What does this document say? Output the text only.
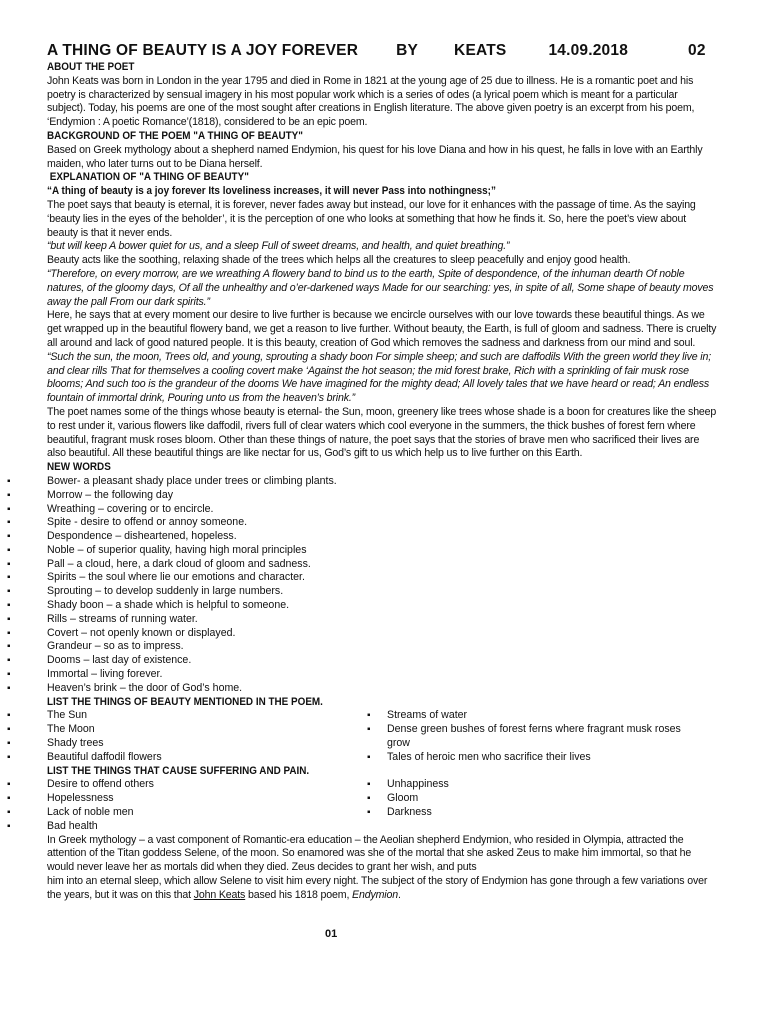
A THING OF BEAUTY IS A JOY FOREVER BY KEATS	14.09.2018	02
ABOUT THE POET
John Keats was born in London in the year 1795 and died in Rome in 1821 at the young age of 25 due to illness. He is a romantic poet and his poetry is characterized by sensual imagery in his most popular work which is a series of odes (a lyrical poem which is meant for a particular subject). Today, his poems are one of the most sought after creations in English literature. The above given poetry is an excerpt from his poem, ‘Endymion : A poetic Romance’(1818), considered to be an epic poem.
BACKGROUND OF THE POEM "A THING OF BEAUTY"
Based on Greek mythology about a shepherd named Endymion, his quest for his love Diana and how in his quest, he falls in love with an Earthly maiden, who later turns out to be Diana herself.
EXPLANATION OF "A THING OF BEAUTY"
“A thing of beauty is a joy forever Its loveliness increases, it will never Pass into nothingness;”
The poet says that beauty is eternal, it is forever, never fades away but instead, our love for it enhances with the passage of time. As the saying ‘beauty lies in the eyes of the beholder’, it is the perception of one who looks at something that how he finds it. So, here the poet’s view about beauty is that it never ends.
“but will keep A bower quiet for us, and a sleep Full of sweet dreams, and health, and quiet breathing.”
Beauty acts like the soothing, relaxing shade of the trees which helps all the creatures to sleep peacefully and enjoy good health.
“Therefore, on every morrow, are we wreathing A flowery band to bind us to the earth, Spite of despondence, of the inhuman dearth Of noble natures, of the gloomy days, Of all the unhealthy and o’er-darkened ways Made for our searching: yes, in spite of all, Some shape of beauty moves away the pall From our dark spirits.”
Here, he says that at every moment our desire to live further is because we encircle ourselves with our love towards these beautiful things. As we get wrapped up in the beautiful flowery band, we get a reason to live further. Without beauty, the Earth, is full of gloom and sadness. There is cruelty all around and lack of good natured people. It is this beauty, creation of God which removes the sadness and darkness from our mind and soul.
“Such the sun, the moon, Trees old, and young, sprouting a shady boon For simple sheep; and such are daffodils With the green world they live in; and clear rills That for themselves a cooling covert make ‘Against the hot season; the mid forest brake, Rich with a sprinkling of fair musk rose blooms; And such too is the grandeur of the dooms We have imagined for the mighty dead; All lovely tales that we have heard or read; An endless fountain of immortal drink, Pouring unto us from the heaven’s brink.”
The poet names some of the things whose beauty is eternal- the Sun, moon, greenery like trees whose shade is a boon for creatures like the sheep to rest under it, various flowers like daffodil, rivers full of clear waters which cool everyone in the summers, the thick bushes of forest fern where beautiful, fragrant musk roses bloom. Other than these things of nature, the poet says that the stories of brave men who sacrificed their lives are also beautiful. All these beautiful things are like nectar for us, God’s gift to us which help us to live further on this Earth.
NEW WORDS
▪ Bower- a pleasant shady place under trees or climbing plants.
▪ Morrow – the following day
▪ Wreathing – covering or to encircle.
▪ Spite - desire to offend or annoy someone.
▪ Despondence – disheartened, hopeless.
▪ Noble – of superior quality, having high moral principles
▪ Pall – a cloud, here, a dark cloud of gloom and sadness.
▪ Spirits – the soul where lie our emotions and character.
▪ Sprouting – to develop suddenly in large numbers.
▪ Shady boon – a shade which is helpful to someone.
▪ Rills – streams of running water.
▪ Covert – not openly known or displayed.
▪ Grandeur – so as to impress.
▪ Dooms – last day of existence.
▪ Immortal – living forever.
▪ Heaven’s brink – the door of God’s home.
LIST THE THINGS OF BEAUTY MENTIONED IN THE POEM.
▪ The Sun
▪ The Moon
▪ Shady trees
▪ Beautiful daffodil flowers
▪ Streams of water
▪ Dense green bushes of forest ferns where fragrant musk roses grow
▪ Tales of heroic men who sacrifice their lives
LIST THE THINGS THAT CAUSE SUFFERING AND PAIN.
▪ Desire to offend others
▪ Hopelessness
▪ Lack of noble men
▪ Bad health
▪ Unhappiness
▪ Gloom
▪ Darkness
In Greek mythology – a vast component of Romantic-era education – the Aeolian shepherd Endymion, who resided in Olympia, attracted the attention of the Titan goddess Selene, of the moon. So enamored was she of the mortal that she asked Zeus to make him immortal, so that he would never leave her as mortals did when they died. Zeus decides to grant her wish, and puts
him into an eternal sleep, which allow Selene to visit him every night. The subject of the story of Endymion has gone through a few variations over the years, but it was on this that John Keats based his 1818 poem, Endymion.
01
